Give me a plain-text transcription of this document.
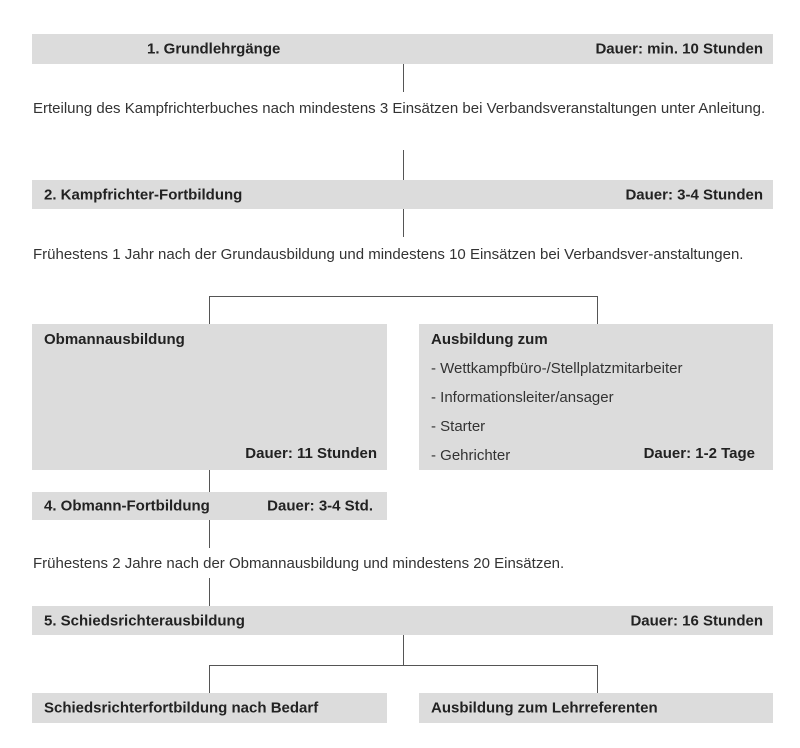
1. Grundlehrgänge	Dauer: min. 10 Stunden
Erteilung des Kampfrichterbuches nach mindestens 3 Einsätzen bei Verbandsveranstaltungen unter Anleitung.
2. Kampfrichter-Fortbildung	Dauer: 3-4 Stunden
Frühestens 1 Jahr nach der Grundausbildung und mindestens 10 Einsätzen bei Verbandsver-anstaltungen.
Obmannausbildung
Dauer: 11 Stunden
Ausbildung zum
- Wettkampfbüro-/Stellplatzmitarbeiter
- Informationsleiter/ansager
- Starter
- Gehrichter	Dauer: 1-2 Tage
4. Obmann-Fortbildung	Dauer: 3-4 Std.
Frühestens 2 Jahre nach der Obmannausbildung und mindestens 20 Einsätzen.
5. Schiedsrichterausbildung	Dauer: 16 Stunden
Schiedsrichterfortbildung nach Bedarf	Ausbildung zum Lehrreferenten
